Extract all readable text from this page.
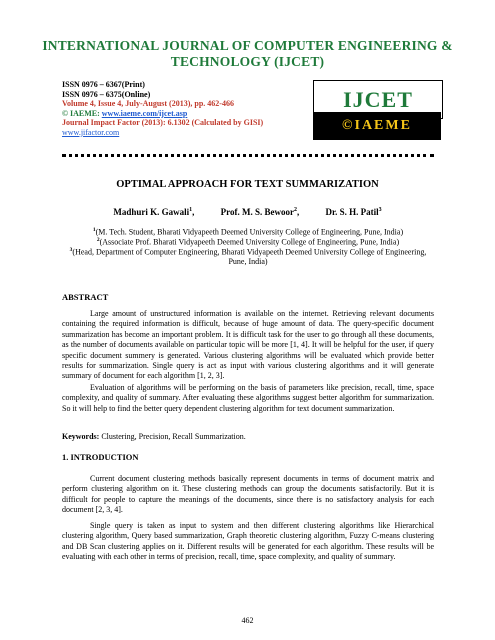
INTERNATIONAL JOURNAL OF COMPUTER ENGINEERING & TECHNOLOGY (IJCET)
ISSN 0976 – 6367(Print)
ISSN 0976 – 6375(Online)
Volume 4, Issue 4, July-August (2013), pp. 462-466
© IAEME: www.iaeme.com/ijcet.asp
Journal Impact Factor (2013): 6.1302 (Calculated by GISI)
www.jifactor.com
IJCET
©IAEME
OPTIMAL APPROACH FOR TEXT SUMMARIZATION
Madhuri K. Gawali$^1$,	Prof. M. S. Bewoor$^2$,	Dr. S. H. Patil$^3$
$^1$(M. Tech. Student, Bharati Vidyapeeth Deemed University College of Engineering, Pune, India)
$^2$(Associate Prof. Bharati Vidyapeeth Deemed University College of Engineering, Pune, India)
$^3$(Head, Department of Computer Engineering, Bharati Vidyapeeth Deemed University College of Engineering, Pune, India)
ABSTRACT
Large amount of unstructured information is available on the internet. Retrieving relevant documents containing the required information is difficult, because of huge amount of data. The query-specific document summarization has become an important problem. It is difficult task for the user to go through all these documents, as the number of documents available on particular topic will be more [1, 4]. It will be helpful for the user, if query specific document summery is generated. Various clustering algorithms will be evaluated which provide better results for summarization. Single query is act as input with various clustering algorithms and it will generate summary of document for each algorithm [1, 2, 3].
Evaluation of algorithms will be performing on the basis of parameters like precision, recall, time, space complexity, and quality of summary. After evaluating these algorithms suggest better algorithm for summarization. So it will help to find the better query dependent clustering algorithm for text document summarization.
Keywords: Clustering, Precision, Recall Summarization.
1. INTRODUCTION
Current document clustering methods basically represent documents in terms of document matrix and perform clustering algorithm on it. These clustering methods can group the documents satisfactorily. But it is difficult for people to capture the meanings of the documents, since there is no satisfactory analysis for each document [2, 3, 4].
Single query is taken as input to system and then different clustering algorithms like Hierarchical clustering algorithm, Query based summarization, Graph theoretic clustering algorithm, Fuzzy C-means clustering and DB Scan clustering applies on it. Different results will be generated for each algorithm. These results will be evaluating with each other in terms of precision, recall, time, space complexity, and quality of summary.
462
